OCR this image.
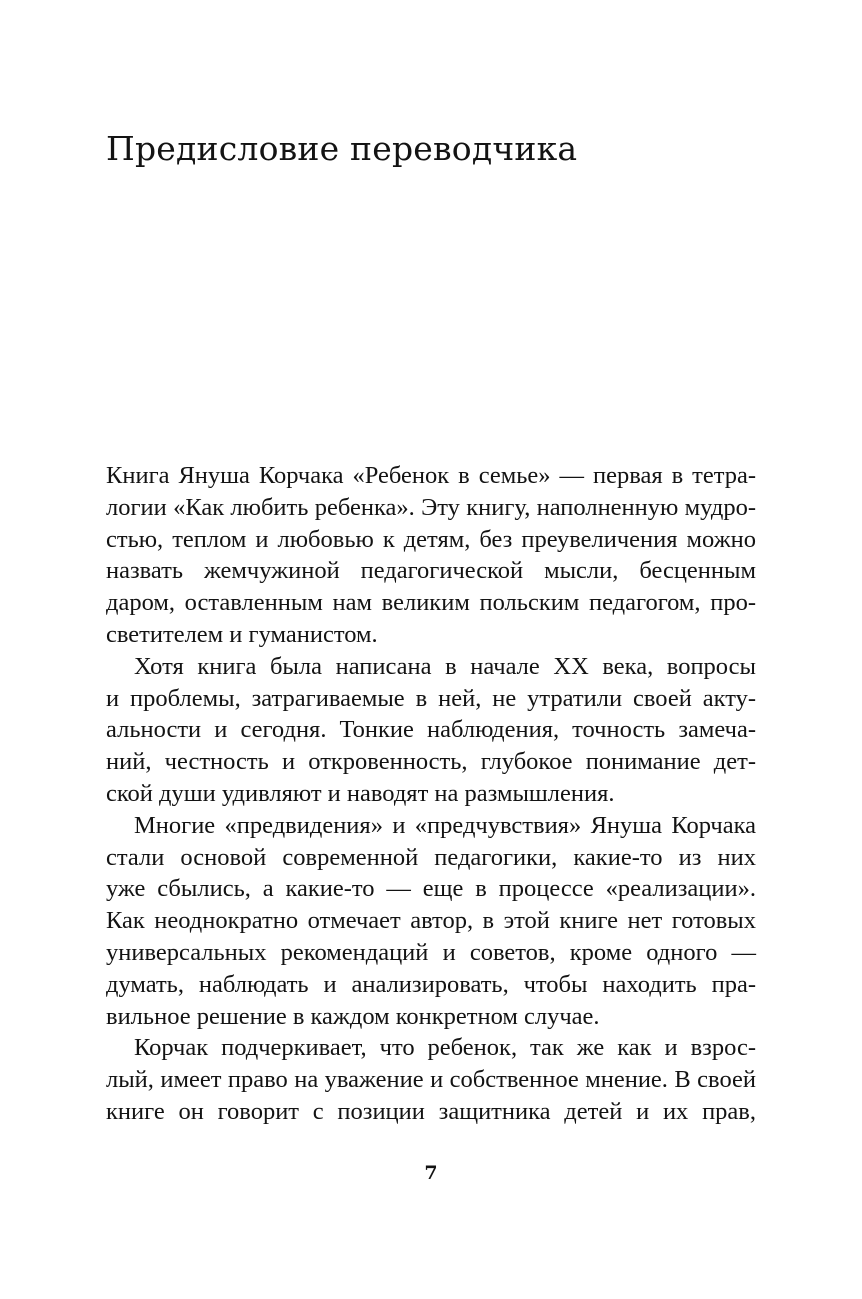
Предисловие переводчика
Книга Януша Корчака «Ребенок в семье» — первая в тетра-
логии «Как любить ребенка». Эту книгу, наполненную мудро-
стью, теплом и любовью к детям, без преувеличения можно
назвать жемчужиной педагогической мысли, бесценным
даром, оставленным нам великим польским педагогом, про-
светителем и гуманистом.
Хотя книга была написана в начале XX века, вопросы
и проблемы, затрагиваемые в ней, не утратили своей акту-
альности и сегодня. Тонкие наблюдения, точность замеча-
ний, честность и откровенность, глубокое понимание дет-
ской души удивляют и наводят на размышления.
Многие «предвидения» и «предчувствия» Януша Корчака
стали основой современной педагогики, какие-то из них
уже сбылись, а какие-то — еще в процессе «реализации».
Как неоднократно отмечает автор, в этой книге нет готовых
универсальных рекомендаций и советов, кроме одного —
думать, наблюдать и анализировать, чтобы находить пра-
вильное решение в каждом конкретном случае.
Корчак подчеркивает, что ребенок, так же как и взрос-
лый, имеет право на уважение и собственное мнение. В своей
книге он говорит с позиции защитника детей и их прав,
7
